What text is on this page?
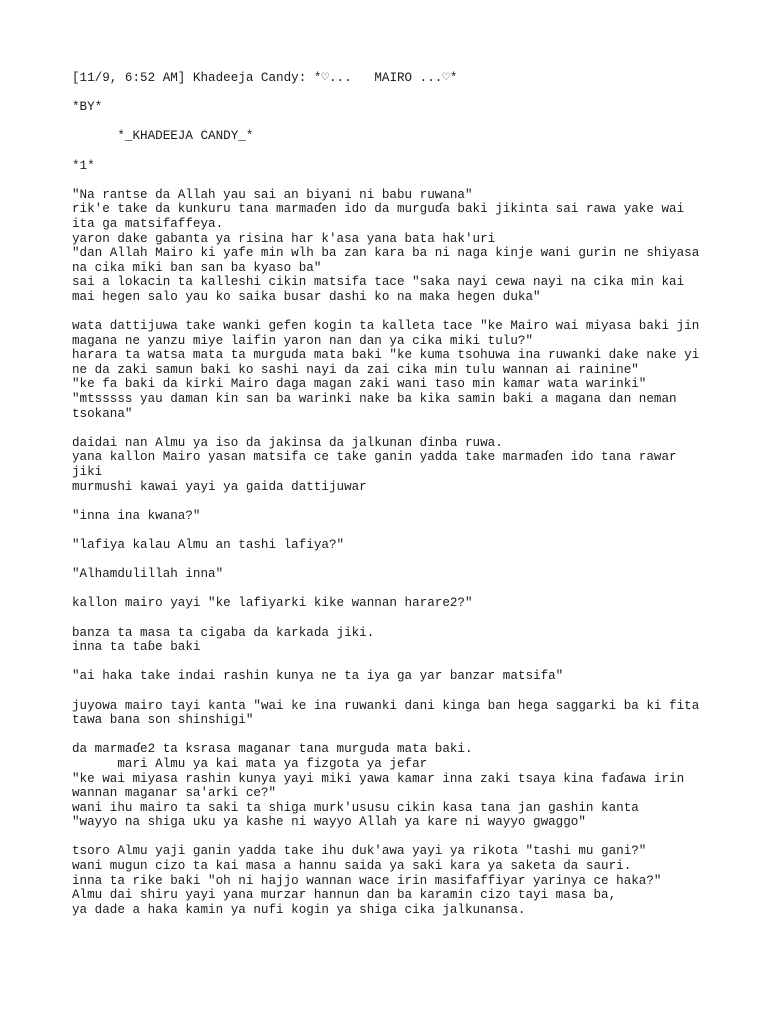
[11/9, 6:52 AM] Khadeeja Candy: *♡...   MAIRO ...♡*
*BY*
*_KHADEEJA CANDY_*
*1*
"Na rantse da Allah yau sai an biyani ni babu ruwana"
rik'e take da kunkuru tana marmaɗen ido da murguɗa baki jikinta sai rawa yake wai
ita ga matsifaffeya.
yaron dake gabanta ya risina har k'asa yana bata hak'uri
"dan Allah Mairo ki yafe min wlh ba zan kara ba ni naga kinje wani gurin ne shiyasa
na cika miki ban san ba kyaso ba"
sai a lokacin ta kalleshi cikin matsifa tace "saka nayi cewa nayi na cika min kai
mai hegen salo yau ko saika busar dashi ko na maka hegen duka"
wata dattijuwa take wanki gefen kogin ta kalleta tace "ke Mairo wai miyasa baki jin
magana ne yanzu miye laifin yaron nan dan ya cika miki tulu?"
harara ta watsa mata ta murguda mata baki "ke kuma tsohuwa ina ruwanki dake nake yi
ne da zaki samun baki ko sashi nayi da zai cika min tulu wannan ai rainine"
"ke fa baki da kirki Mairo daga magan zaki wani taso min kamar wata warinki"
"mtsssss yau daman kin san ba warinki nake ba kika samin baki a magana dan neman
tsokana"
daidai nan Almu ya iso da jakinsa da jalkunan ɗinba ruwa.
yana kallon Mairo yasan matsifa ce take ganin yadda take marmaɗen ido tana rawar
jiki
murmushi kawai yayi ya gaida dattijuwar
"inna ina kwana?"
"lafiya kalau Almu an tashi lafiya?"
"Alhamdulillah inna"
kallon mairo yayi "ke lafiyarki kike wannan harare2?"
banza ta masa ta cigaba da karkada jiki.
inna ta taɓe baki
"ai haka take indai rashin kunya ne ta iya ga yar banzar matsifa"
juyowa mairo tayi kanta "wai ke ina ruwanki dani kinga ban hega saggarki ba ki fita
tawa bana son shinshigi"
da marmaɗe2 ta ksrasa maganar tana murguda mata baki.
mari Almu ya kai mata ya fizgota ya jefar
"ke wai miyasa rashin kunya yayi miki yawa kamar inna zaki tsaya kina faɗawa irin
wannan maganar sa'arki ce?"
wani ihu mairo ta saki ta shiga murk'ususu cikin kasa tana jan gashin kanta
"wayyo na shiga uku ya kashe ni wayyo Allah ya kare ni wayyo gwaggo"
tsoro Almu yaji ganin yadda take ihu duk'awa yayi ya rikota "tashi mu gani?"
wani mugun cizo ta kai masa a hannu saida ya saki kara ya saketa da sauri.
inna ta rike baki "oh ni hajjo wannan wace irin masifaffiyar yarinya ce haka?"
Almu dai shiru yayi yana murzar hannun dan ba karamin cizo tayi masa ba,
ya dade a haka kamin ya nufi kogin ya shiga cika jalkunansa.
